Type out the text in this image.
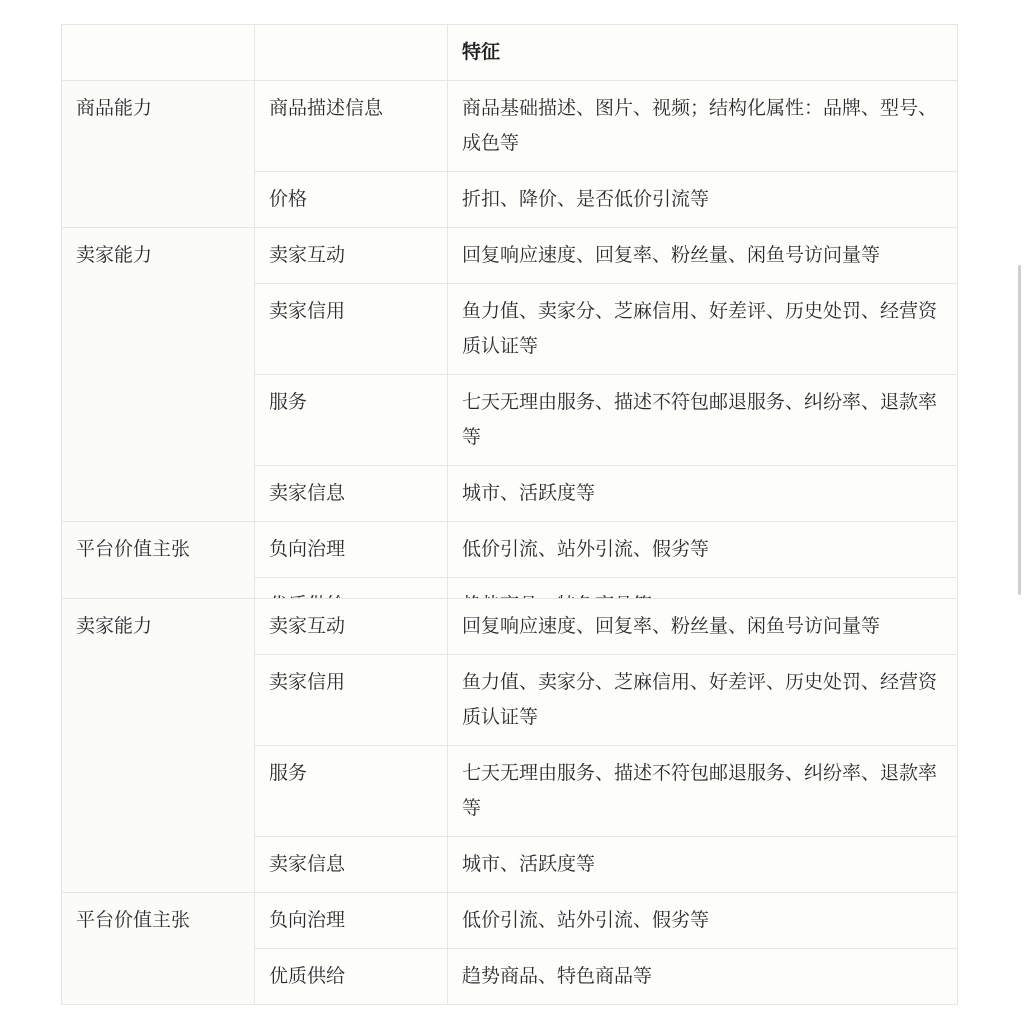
		特征
商品能力	商品描述信息	商品基础描述、图片、视频；结构化属性：品牌、型号、成色等
	价格	折扣、降价、是否低价引流等
卖家能力	卖家互动	回复响应速度、回复率、粉丝量、闲鱼号访问量等
	卖家信用	鱼力值、卖家分、芝麻信用、好差评、历史处罚、经营资质认证等
	服务	七天无理由服务、描述不符包邮退服务、纠纷率、退款率等
	卖家信息	城市、活跃度等
平台价值主张	负向治理	低价引流、站外引流、假劣等

卖家能力	卖家互动	回复响应速度、回复率、粉丝量、闲鱼号访问量等
	卖家信用	鱼力值、卖家分、芝麻信用、好差评、历史处罚、经营资质认证等
	服务	七天无理由服务、描述不符包邮退服务、纠纷率、退款率等
	卖家信息	城市、活跃度等
平台价值主张	负向治理	低价引流、站外引流、假劣等
	优质供给	趋势商品、特色商品等
